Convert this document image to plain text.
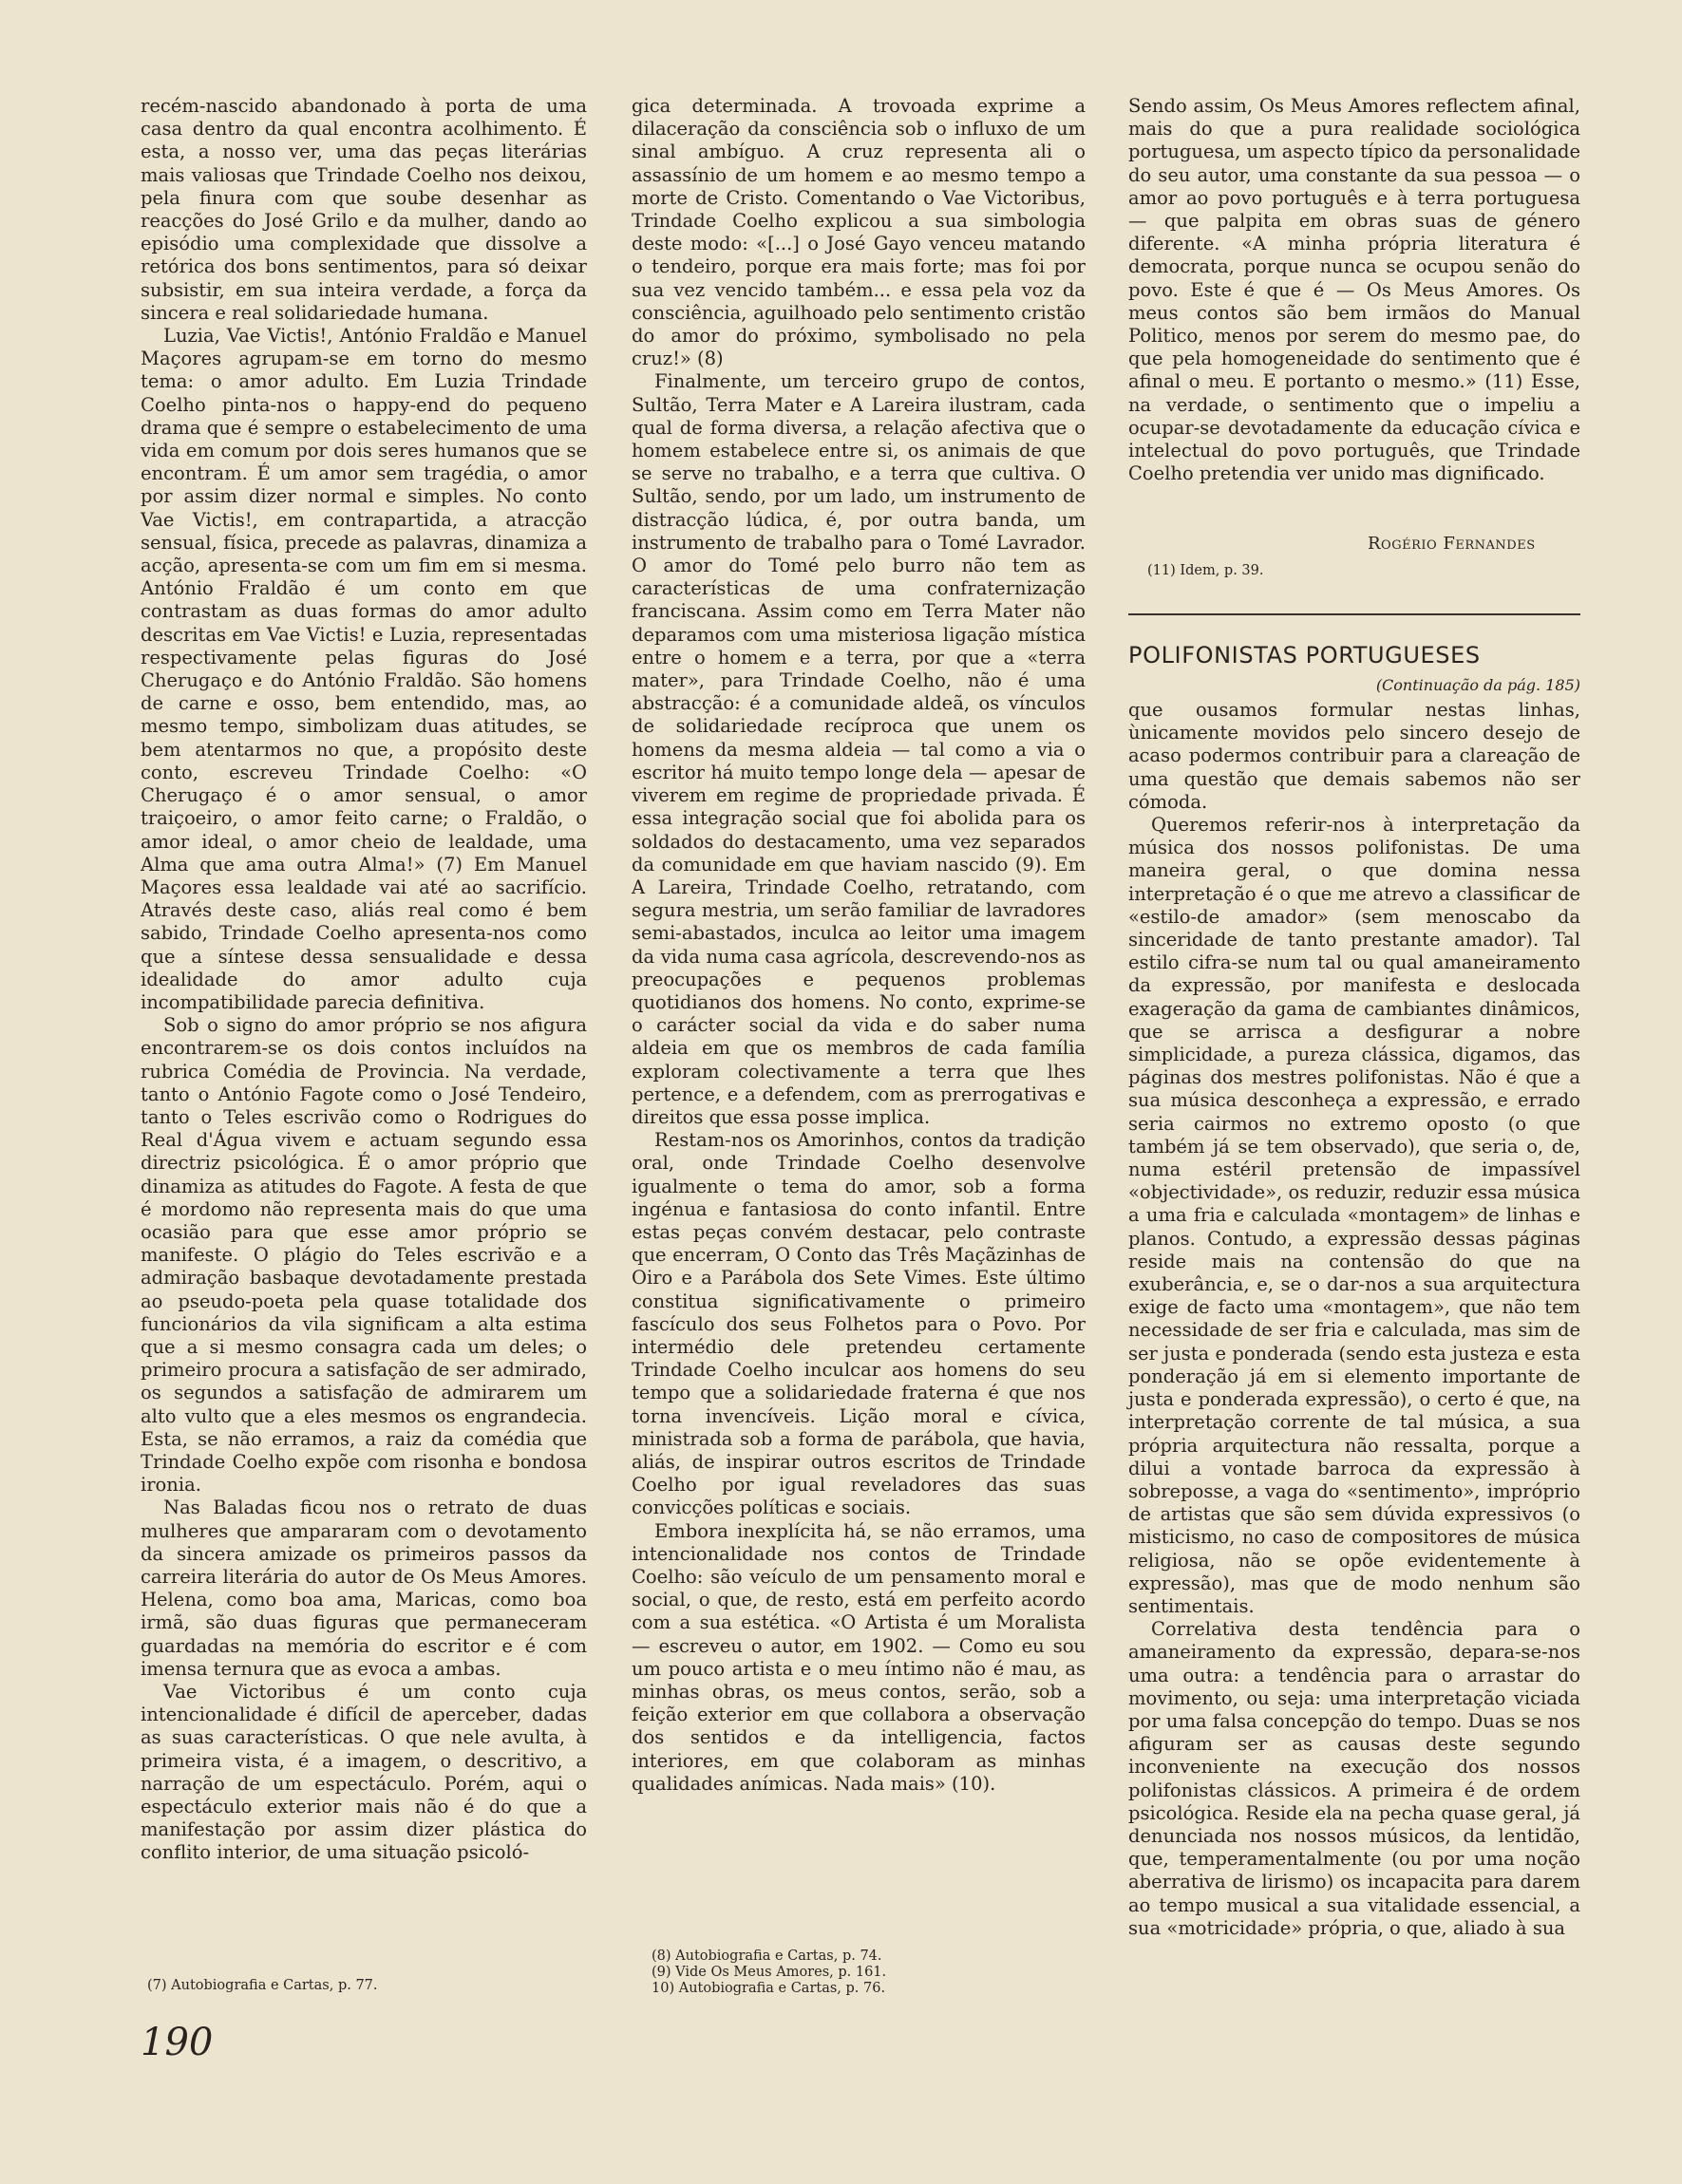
recém-nascido abandonado à porta de uma casa dentro da qual encontra acolhimento. É esta, a nosso ver, uma das peças literárias mais valiosas que Trindade Coelho nos deixou, pela finura com que soube desenhar as reacções do José Grilo e da mulher, dando ao episódio uma complexidade que dissolve a retórica dos bons sentimentos, para só deixar subsistir, em sua inteira verdade, a força da sincera e real solidariedade humana.

Luzia, Vae Victis!, António Fraldão e Manuel Maçores agrupam-se em torno do mesmo tema: o amor adulto. Em Luzia Trindade Coelho pinta-nos o happy-end do pequeno drama que é sempre o estabelecimento de uma vida em comum por dois seres humanos que se encontram. É um amor sem tragédia, o amor por assim dizer normal e simples. No conto Vae Victis!, em contrapartida, a atracção sensual, física, precede as palavras, dinamiza a acção, apresenta-se com um fim em si mesma. António Fraldão é um conto em que contrastam as duas formas do amor adulto descritas em Vae Victis! e Luzia, representadas respectivamente pelas figuras do José Cherugaço e do António Fraldão. São homens de carne e osso, bem entendido, mas, ao mesmo tempo, simbolizam duas atitudes, se bem atentarmos no que, a propósito deste conto, escreveu Trindade Coelho: «O Cherugaço é o amor sensual, o amor traiçoeiro, o amor feito carne; o Fraldão, o amor ideal, o amor cheio de lealdade, uma Alma que ama outra Alma!» (7) Em Manuel Maçores essa lealdade vai até ao sacrifício. Através deste caso, aliás real como é bem sabido, Trindade Coelho apresenta-nos como que a síntese dessa sensualidade e dessa idealidade do amor adulto cuja incompatibilidade parecia definitiva.

Sob o signo do amor próprio se nos afigura encontrarem-se os dois contos incluídos na rubrica Comédia de Provincia. Na verdade, tanto o António Fagote como o José Tendeiro, tanto o Teles escrivão como o Rodrigues do Real d'Água vivem e actuam segundo essa directriz psicológica. É o amor próprio que dinamiza as atitudes do Fagote. A festa de que é mordomo não representa mais do que uma ocasião para que esse amor próprio se manifeste. O plágio do Teles escrivão e a admiração basbaque devotadamente prestada ao pseudo-poeta pela quase totalidade dos funcionários da vila significam a alta estima que a si mesmo consagra cada um deles; o primeiro procura a satisfação de ser admirado, os segundos a satisfação de admirarem um alto vulto que a eles mesmos os engrandecia. Esta, se não erramos, a raiz da comédia que Trindade Coelho expõe com risonha e bondosa ironia.

Nas Baladas ficou nos o retrato de duas mulheres que ampararam com o devotamento da sincera amizade os primeiros passos da carreira literária do autor de Os Meus Amores. Helena, como boa ama, Maricas, como boa irmã, são duas figuras que permaneceram guardadas na memória do escritor e é com imensa ternura que as evoca a ambas.

Vae Victoribus é um conto cuja intencionalidade é difícil de aperceber, dadas as suas características. O que nele avulta, à primeira vista, é a imagem, o descritivo, a narração de um espectáculo. Porém, aqui o espectáculo exterior mais não é do que a manifestação por assim dizer plástica do conflito interior, de uma situação psicoló-

(7) Autobiografia e Cartas, p. 77.

gica determinada. A trovoada exprime a dilaceração da consciência sob o influxo de um sinal ambíguo. A cruz representa ali o assassínio de um homem e ao mesmo tempo a morte de Cristo. Comentando o Vae Victoribus, Trindade Coelho explicou a sua simbologia deste modo: «[...] o José Gayo venceu matando o tendeiro, porque era mais forte; mas foi por sua vez vencido também... e essa pela voz da consciência, aguilhoado pelo sentimento cristão do amor do próximo, symbolisado no pela cruz!» (8)

Finalmente, um terceiro grupo de contos, Sultão, Terra Mater e A Lareira ilustram, cada qual de forma diversa, a relação afectiva que o homem estabelece entre si, os animais de que se serve no trabalho, e a terra que cultiva. O Sultão, sendo, por um lado, um instrumento de distracção lúdica, é, por outra banda, um instrumento de trabalho para o Tomé Lavrador. O amor do Tomé pelo burro não tem as características de uma confraternização franciscana. Assim como em Terra Mater não deparamos com uma misteriosa ligação mística entre o homem e a terra, por que a «terra mater», para Trindade Coelho, não é uma abstracção: é a comunidade aldeã, os vínculos de solidariedade recíproca que unem os homens da mesma aldeia — tal como a via o escritor há muito tempo longe dela — apesar de viverem em regime de propriedade privada. É essa integração social que foi abolida para os soldados do destacamento, uma vez separados da comunidade em que haviam nascido (9). Em A Lareira, Trindade Coelho, retratando, com segura mestria, um serão familiar de lavradores semi-abastados, inculca ao leitor uma imagem da vida numa casa agrícola, descrevendo-nos as preocupações e pequenos problemas quotidianos dos homens. No conto, exprime-se o carácter social da vida e do saber numa aldeia em que os membros de cada família exploram colectivamente a terra que lhes pertence, e a defendem, com as prerrogativas e direitos que essa posse implica.

Restam-nos os Amorinhos, contos da tradição oral, onde Trindade Coelho desenvolve igualmente o tema do amor, sob a forma ingénua e fantasiosa do conto infantil. Entre estas peças convém destacar, pelo contraste que encerram, O Conto das Três Maçãzinhas de Oiro e a Parábola dos Sete Vimes. Este último constitua significativamente o primeiro fascículo dos seus Folhetos para o Povo. Por intermédio dele pretendeu certamente Trindade Coelho inculcar aos homens do seu tempo que a solidariedade fraterna é que nos torna invencíveis. Lição moral e cívica, ministrada sob a forma de parábola, que havia, aliás, de inspirar outros escritos de Trindade Coelho por igual reveladores das suas convicções políticas e sociais.

Embora inexplícita há, se não erramos, uma intencionalidade nos contos de Trindade Coelho: são veículo de um pensamento moral e social, o que, de resto, está em perfeito acordo com a sua estética. «O Artista é um Moralista — escreveu o autor, em 1902. — Como eu sou um pouco artista e o meu íntimo não é mau, as minhas obras, os meus contos, serão, sob a feição exterior em que collabora a observação dos sentidos e da intelligencia, factos interiores, em que colaboram as minhas qualidades anímicas. Nada mais» (10).

(8) Autobiografia e Cartas, p. 74.
(9) Vide Os Meus Amores, p. 161.
10) Autobiografia e Cartas, p. 76.

Sendo assim, Os Meus Amores reflectem afinal, mais do que a pura realidade sociológica portuguesa, um aspecto típico da personalidade do seu autor, uma constante da sua pessoa — o amor ao povo português e à terra portuguesa — que palpita em obras suas de género diferente. «A minha própria literatura é democrata, porque nunca se ocupou senão do povo. Este é que é — Os Meus Amores. Os meus contos são bem irmãos do Manual Politico, menos por serem do mesmo pae, do que pela homogeneidade do sentimento que é afinal o meu. E portanto o mesmo.» (11) Esse, na verdade, o sentimento que o impeliu a ocupar-se devotadamente da educação cívica e intelectual do povo português, que Trindade Coelho pretendia ver unido mas dignificado.

Rogério Fernandes
(11) Idem, p. 39.
POLIFONISTAS PORTUGUESES
(Continuação da pág. 185)

que ousamos formular nestas linhas, ùnicamente movidos pelo sincero desejo de acaso podermos contribuir para a clareação de uma questão que demais sabemos não ser cómoda.

Queremos referir-nos à interpretação da música dos nossos polifonistas. De uma maneira geral, o que domina nessa interpretação é o que me atrevo a classificar de «estilo-de amador» (sem menoscabo da sinceridade de tanto prestante amador). Tal estilo cifra-se num tal ou qual amaneiramento da expressão, por manifesta e deslocada exageração da gama de cambiantes dinâmicos, que se arrisca a desfigurar a nobre simplicidade, a pureza clássica, digamos, das páginas dos mestres polifonistas. Não é que a sua música desconheça a expressão, e errado seria cairmos no extremo oposto (o que também já se tem observado), que seria o, de, numa estéril pretensão de impassível «objectividade», os reduzir, reduzir essa música a uma fria e calculada «montagem» de linhas e planos. Contudo, a expressão dessas páginas reside mais na contensão do que na exuberância, e, se o dar-nos a sua arquitectura exige de facto uma «montagem», que não tem necessidade de ser fria e calculada, mas sim de ser justa e ponderada (sendo esta justeza e esta ponderação já em si elemento importante de justa e ponderada expressão), o certo é que, na interpretação corrente de tal música, a sua própria arquitectura não ressalta, porque a dilui a vontade barroca da expressão à sobreposse, a vaga do «sentimento», impróprio de artistas que são sem dúvida expressivos (o misticismo, no caso de compositores de música religiosa, não se opõe evidentemente à expressão), mas que de modo nenhum são sentimentais.

Correlativa desta tendência para o amaneiramento da expressão, depara-se-nos uma outra: a tendência para o arrastar do movimento, ou seja: uma interpretação viciada por uma falsa concepção do tempo. Duas se nos afiguram ser as causas deste segundo inconveniente na execução dos nossos polifonistas clássicos. A primeira é de ordem psicológica. Reside ela na pecha quase geral, já denunciada nos nossos músicos, da lentidão, que, temperamentalmente (ou por uma noção aberrativa de lirismo) os incapacita para darem ao tempo musical a sua vitalidade essencial, a sua «motricidade» própria, o que, aliado à sua

190
